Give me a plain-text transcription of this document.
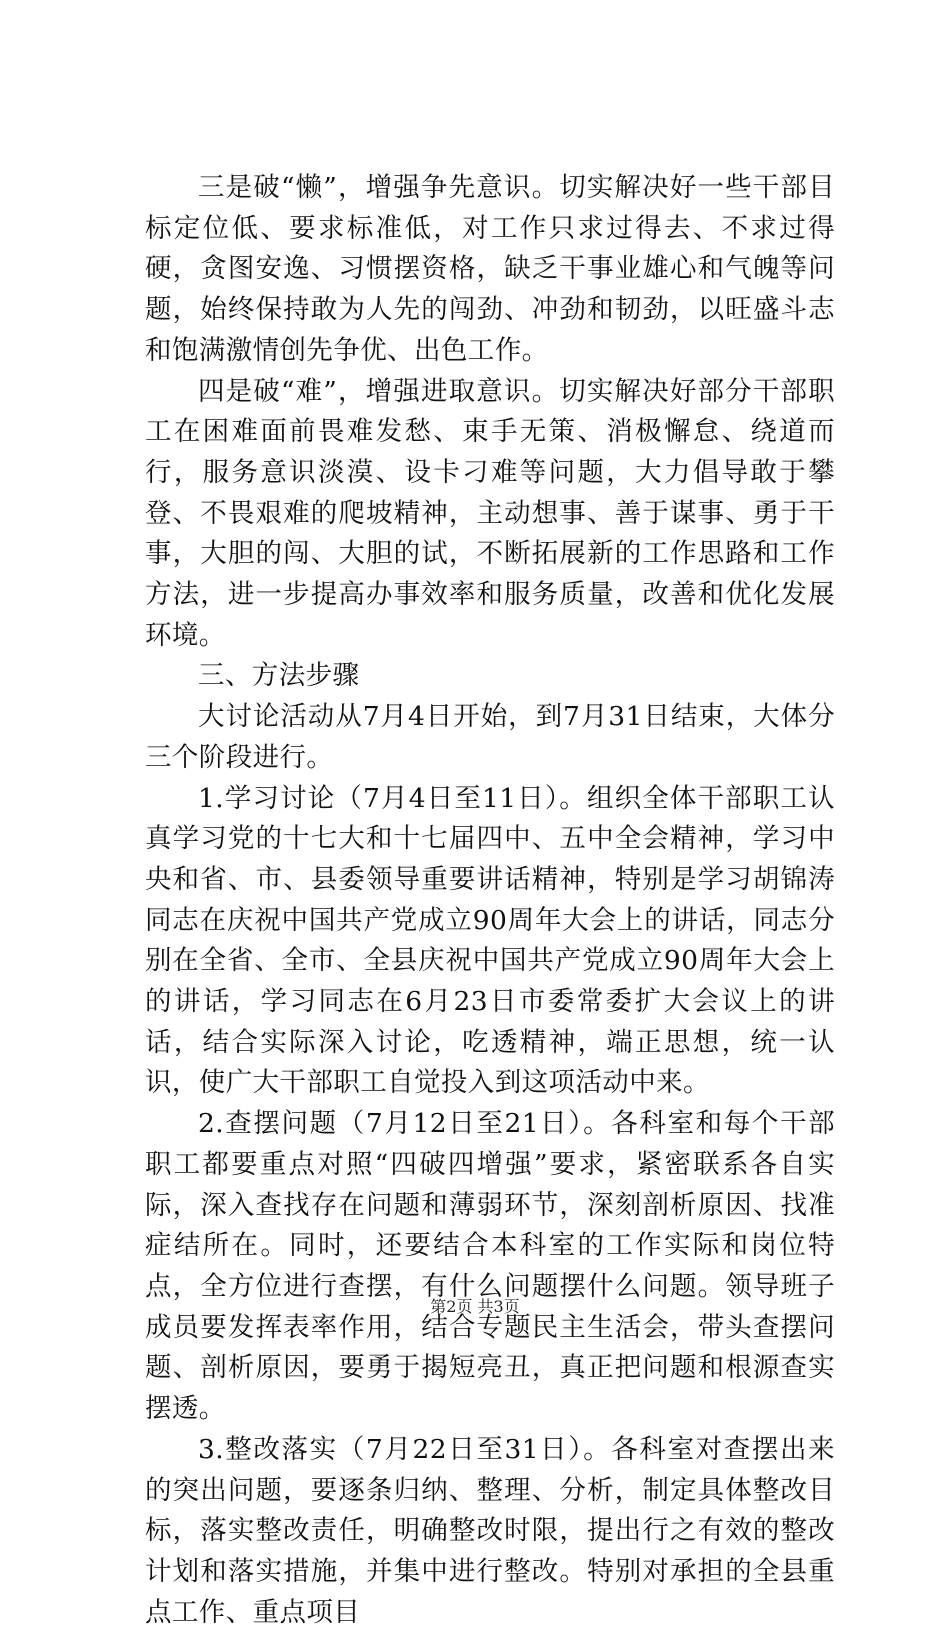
三是破“懒”，增强争先意识。切实解决好一些干部目标定位低、要求标准低，对工作只求过得去、不求过得硬，贪图安逸、习惯摆资格，缺乏干事业雄心和气魄等问题，始终保持敢为人先的闯劲、冲劲和韧劲，以旺盛斗志和饱满激情创先争优、出色工作。

四是破“难”，增强进取意识。切实解决好部分干部职工在困难面前畏难发愁、束手无策、消极懈怠、绕道而行，服务意识淡漠、设卡刁难等问题，大力倡导敢于攀登、不畏艰难的爬坡精神，主动想事、善于谋事、勇于干事，大胆的闯、大胆的试，不断拓展新的工作思路和工作方法，进一步提高办事效率和服务质量，改善和优化发展环境。

三、方法步骤

大讨论活动从7月4日开始，到7月31日结束，大体分三个阶段进行。

1.学习讨论（7月4日至11日）。组织全体干部职工认真学习党的十七大和十七届四中、五中全会精神，学习中央和省、市、县委领导重要讲话精神，特别是学习胡锦涛同志在庆祝中国共产党成立90周年大会上的讲话，同志分别在全省、全市、全县庆祝中国共产党成立90周年大会上的讲话，学习同志在6月23日市委常委扩大会议上的讲话，结合实际深入讨论，吃透精神，端正思想，统一认识，使广大干部职工自觉投入到这项活动中来。

2.查摆问题（7月12日至21日）。各科室和每个干部职工都要重点对照“四破四增强”要求，紧密联系各自实际，深入查找存在问题和薄弱环节，深刻剖析原因、找准症结所在。同时，还要结合本科室的工作实际和岗位特点，全方位进行查摆，有什么问题摆什么问题。领导班子成员要发挥表率作用，结合专题民主生活会，带头查摆问题、剖析原因，要勇于揭短亮丑，真正把问题和根源查实摆透。

3.整改落实（7月22日至31日）。各科室对查摆出来的突出问题，要逐条归纳、整理、分析，制定具体整改目标，落实整改责任，明确整改时限，提出行之有效的整改计划和落实措施，并集中进行整改。特别对承担的全县重点工作、重点项目

第2页 共3页
